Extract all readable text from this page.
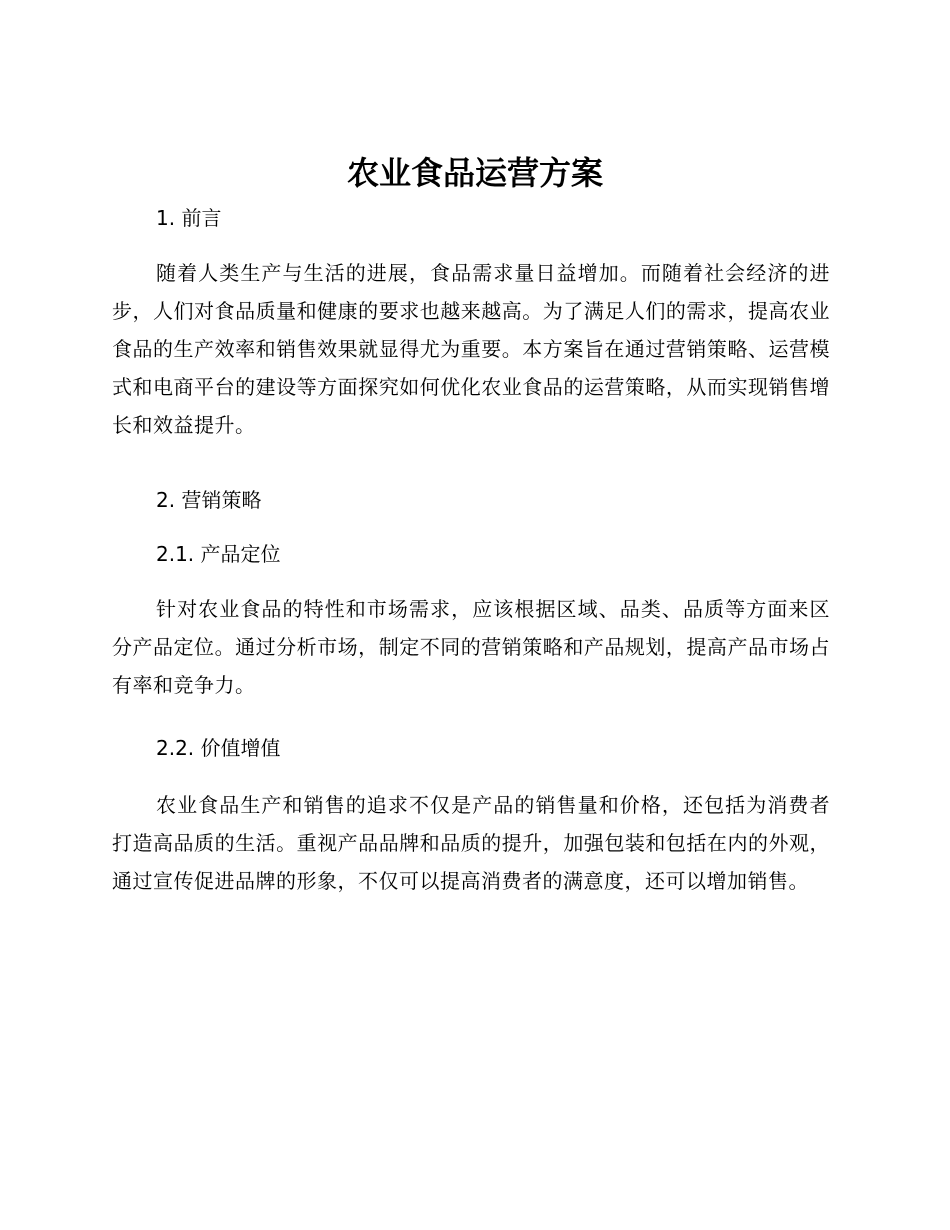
农业食品运营方案
1. 前言

随着人类生产与生活的进展，食品需求量日益增加。而随着社会经济的进步，人们对食品质量和健康的要求也越来越高。为了满足人们的需求，提高农业食品的生产效率和销售效果就显得尤为重要。本方案旨在通过营销策略、运营模式和电商平台的建设等方面探究如何优化农业食品的运营策略，从而实现销售增长和效益提升。

2. 营销策略
2.1. 产品定位

针对农业食品的特性和市场需求，应该根据区域、品类、品质等方面来区分产品定位。通过分析市场，制定不同的营销策略和产品规划，提高产品市场占有率和竞争力。

2.2. 价值增值

农业食品生产和销售的追求不仅是产品的销售量和价格，还包括为消费者打造高品质的生活。重视产品品牌和品质的提升，加强包装和包括在内的外观，通过宣传促进品牌的形象，不仅可以提高消费者的满意度，还可以增加销售。
